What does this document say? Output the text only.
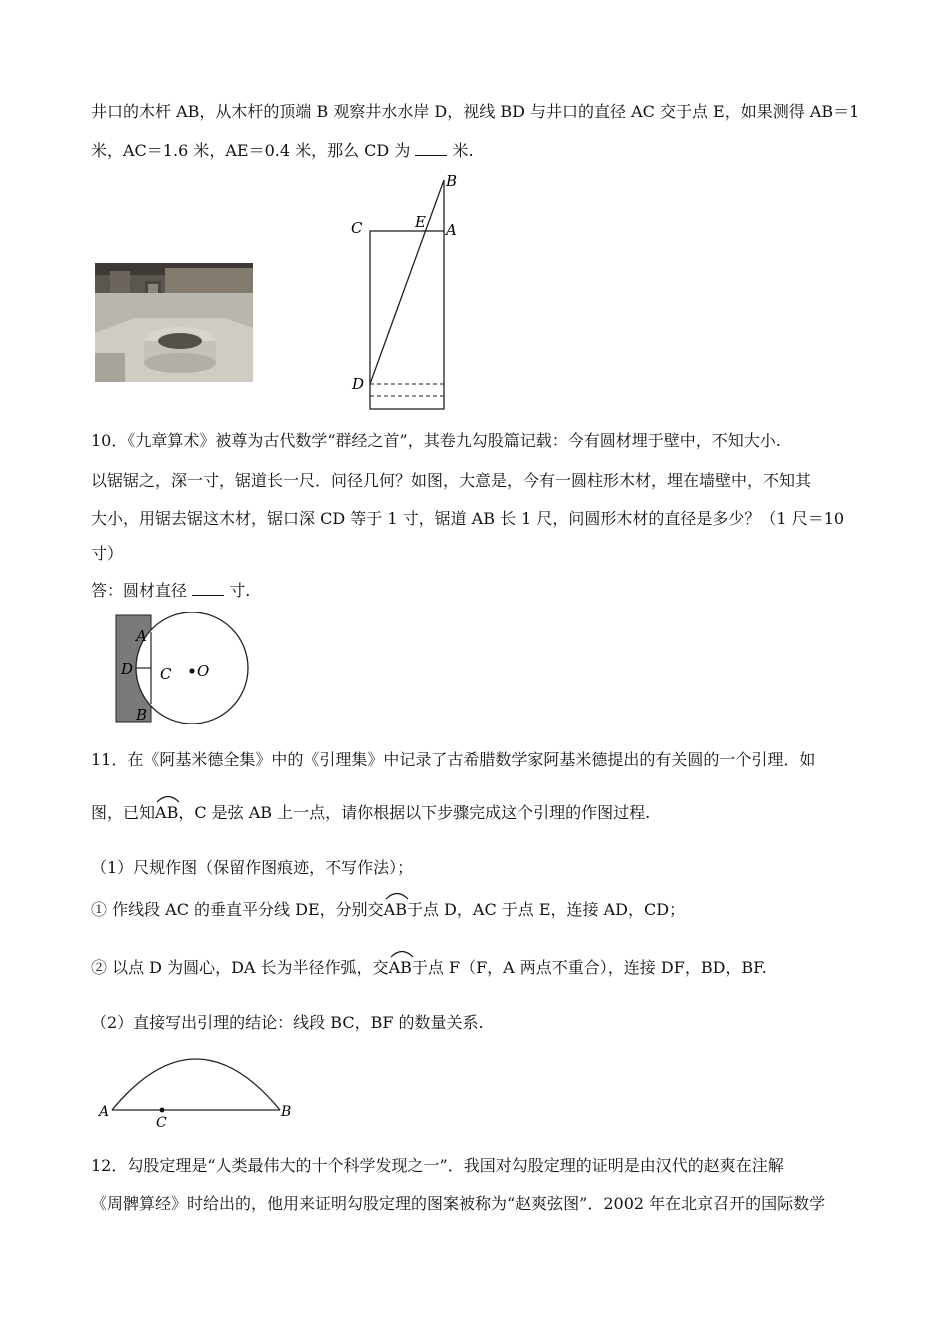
井口的木杆 AB，从木杆的顶端 B 观察井水水岸 D，视线 BD 与井口的直径 AC 交于点 E，如果测得 AB＝1
米，AC＝1.6 米，AE＝0.4 米，那么 CD 为	米.
B
C	E A
D
10．《九章算术》被尊为古代数学“群经之首”，其卷九勾股篇记载：今有圆材埋于壁中，不知大小.
以锯锯之，深一寸，锯道长一尺．问径几何？如图，大意是，今有一圆柱形木材，埋在墙壁中，不知其
大小，用锯去锯这木材，锯口深 CD 等于 1 寸，锯道 AB 长 1 尺，问圆形木材的直径是多少？（1 尺＝10
寸）
答：圆材直径	寸.
A
D C O
B
11．在《阿基米德全集》中的《引理集》中记录了古希腊数学家阿基米德提出的有关圆的一个引理．如
图，已知
AB，C 是弦 AB 上一点，请你根据以下步骤完成这个引理的作图过程.
（1）尺规作图（保留作图痕迹，不写作法）；
① 作线段 AC 的垂直平分线 DE，分别交
AB于点 D，AC 于点 E，连接 AD，CD；
② 以点 D 为圆心，DA 长为半径作弧，交
AB于点 F（F，A 两点不重合），连接 DF，BD，BF.
（2）直接写出引理的结论：线段 BC，BF 的数量关系.
A
C
B
12．勾股定理是“人类最伟大的十个科学发现之一”．我国对勾股定理的证明是由汉代的赵爽在注解
《周髀算经》时给出的，他用来证明勾股定理的图案被称为“赵爽弦图”．2002 年在北京召开的国际数学
